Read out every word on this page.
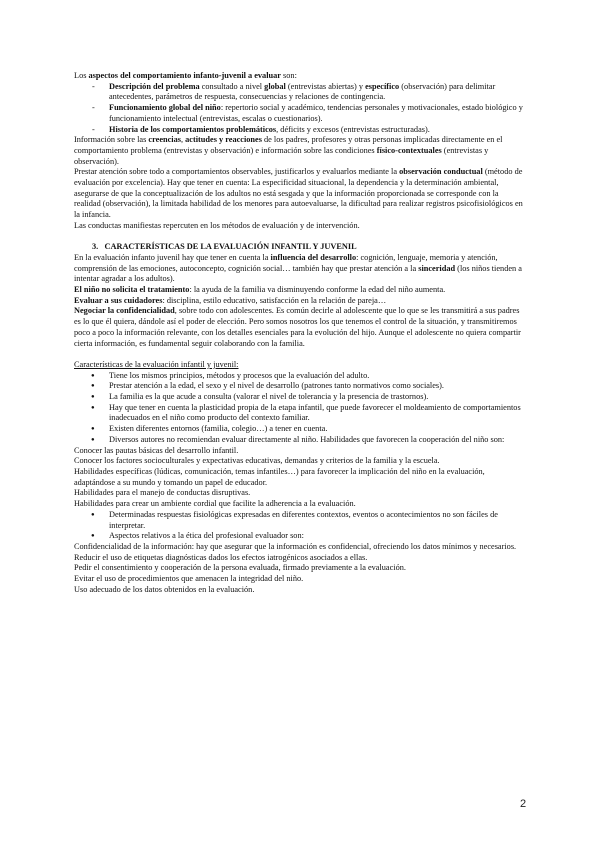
Los aspectos del comportamiento infanto-juvenil a evaluar son:

- Descripción del problema consultado a nivel global (entrevistas abiertas) y específico (observación) para delimitar antecedentes, parámetros de respuesta, consecuencias y relaciones de contingencia.
- Funcionamiento global del niño: repertorio social y académico, tendencias personales y motivacionales, estado biológico y funcionamiento intelectual (entrevistas, escalas o cuestionarios).
- Historia de los comportamientos problemáticos, déficits y excesos (entrevistas estructuradas).

Información sobre las creencias, actitudes y reacciones de los padres, profesores y otras personas implicadas directamente en el comportamiento problema (entrevistas y observación) e información sobre las condiciones físico-contextuales (entrevistas y observación).

Prestar atención sobre todo a comportamientos observables, justificarlos y evaluarlos mediante la observación conductual (método de evaluación por excelencia). Hay que tener en cuenta: La especificidad situacional, la dependencia y la determinación ambiental, asegurarse de que la conceptualización de los adultos no está sesgada y que la información proporcionada se corresponde con la realidad (observación), la limitada habilidad de los menores para autoevaluarse, la dificultad para realizar registros psicofisiológicos en la infancia.

Las conductas manifiestas repercuten en los métodos de evaluación y de intervención.

3. CARACTERÍSTICAS DE LA EVALUACIÓN INFANTIL Y JUVENIL

En la evaluación infanto juvenil hay que tener en cuenta la influencia del desarrollo: cognición, lenguaje, memoria y atención, comprensión de las emociones, autoconcepto, cognición social… también hay que prestar atención a la sinceridad (los niños tienden a intentar agradar a los adultos).

El niño no solicita el tratamiento: la ayuda de la familia va disminuyendo conforme la edad del niño aumenta.

Evaluar a sus cuidadores: disciplina, estilo educativo, satisfacción en la relación de pareja…

Negociar la confidencialidad, sobre todo con adolescentes. Es común decirle al adolescente que lo que se les transmitirá a sus padres es lo que él quiera, dándole así el poder de elección. Pero somos nosotros los que tenemos el control de la situación, y transmitiremos poco a poco la información relevante, con los detalles esenciales para la evolución del hijo. Aunque el adolescente no quiera compartir cierta información, es fundamental seguir colaborando con la familia.

Características de la evaluación infantil y juvenil:

● Tiene los mismos principios, métodos y procesos que la evaluación del adulto.
● Prestar atención a la edad, el sexo y el nivel de desarrollo (patrones tanto normativos como sociales).
● La familia es la que acude a consulta (valorar el nivel de tolerancia y la presencia de trastornos).
● Hay que tener en cuenta la plasticidad propia de la etapa infantil, que puede favorecer el moldeamiento de comportamientos inadecuados en el niño como producto del contexto familiar.
● Existen diferentes entornos (familia, colegio…) a tener en cuenta.
● Diversos autores no recomiendan evaluar directamente al niño. Habilidades que favorecen la cooperación del niño son:

Conocer las pautas básicas del desarrollo infantil.

Conocer los factores socioculturales y expectativas educativas, demandas y criterios de la familia y la escuela.

Habilidades específicas (lúdicas, comunicación, temas infantiles…) para favorecer la implicación del niño en la evaluación, adaptándose a su mundo y tomando un papel de educador.

Habilidades para el manejo de conductas disruptivas.

Habilidades para crear un ambiente cordial que facilite la adherencia a la evaluación.

● Determinadas respuestas fisiológicas expresadas en diferentes contextos, eventos o acontecimientos no son fáciles de interpretar.
● Aspectos relativos a la ética del profesional evaluador son:

Confidencialidad de la información: hay que asegurar que la información es confidencial, ofreciendo los datos mínimos y necesarios.

Reducir el uso de etiquetas diagnósticas dados los efectos iatrogénicos asociados a ellas.

Pedir el consentimiento y cooperación de la persona evaluada, firmado previamente a la evaluación.

Evitar el uso de procedimientos que amenacen la integridad del niño.

Uso adecuado de los datos obtenidos en la evaluación.

2
